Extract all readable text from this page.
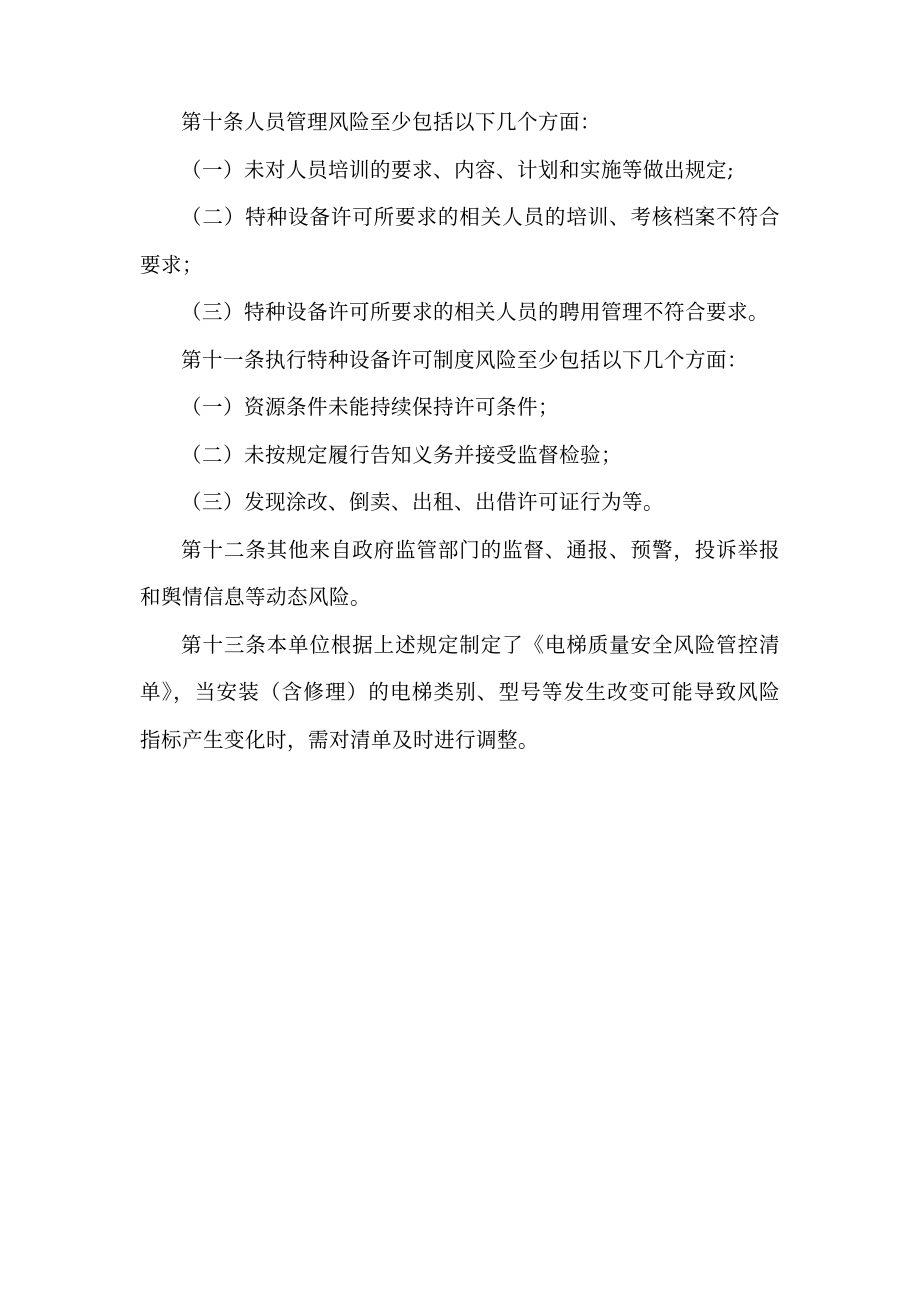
第十条人员管理风险至少包括以下几个方面：

（一）未对人员培训的要求、内容、计划和实施等做出规定;

（二）特种设备许可所要求的相关人员的培训、考核档案不符合要求；

（三）特种设备许可所要求的相关人员的聘用管理不符合要求。

第十一条执行特种设备许可制度风险至少包括以下几个方面：

（一）资源条件未能持续保持许可条件；

（二）未按规定履行告知义务并接受监督检验；

（三）发现涂改、倒卖、出租、出借许可证行为等。

第十二条其他来自政府监管部门的监督、通报、预警，投诉举报和舆情信息等动态风险。

第十三条本单位根据上述规定制定了《电梯质量安全风险管控清单》，当安装（含修理）的电梯类别、型号等发生改变可能导致风险指标产生变化时，需对清单及时进行调整。
